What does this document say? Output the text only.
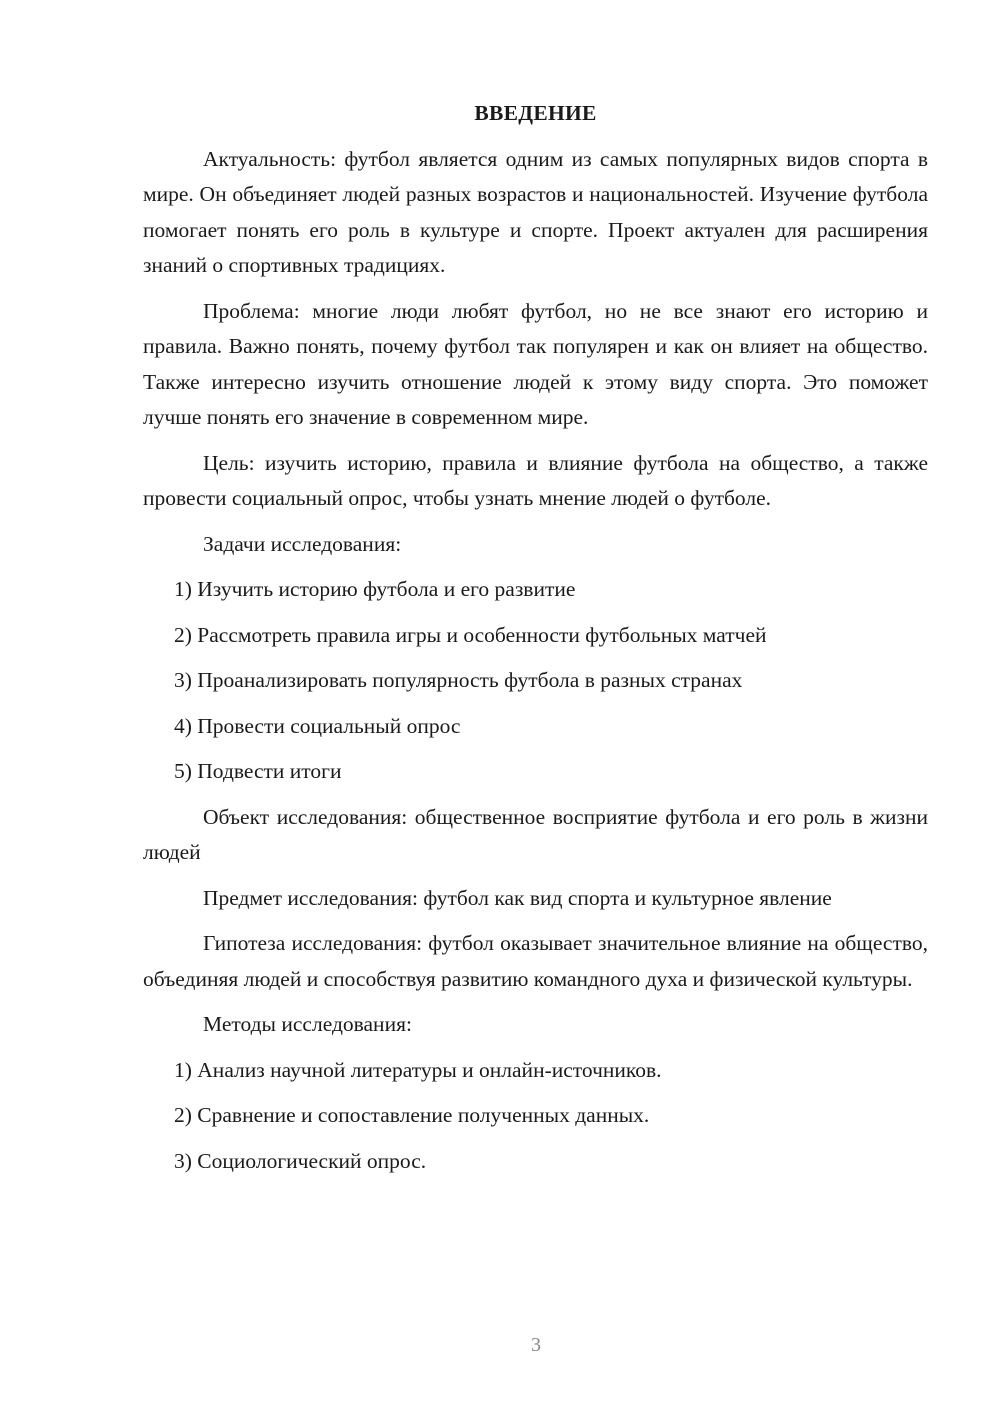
ВВЕДЕНИЕ

Актуальность: футбол является одним из самых популярных видов спорта в мире. Он объединяет людей разных возрастов и национальностей. Изучение футбола помогает понять его роль в культуре и спорте. Проект актуален для расширения знаний о спортивных традициях.

Проблема: многие люди любят футбол, но не все знают его историю и правила. Важно понять, почему футбол так популярен и как он влияет на общество. Также интересно изучить отношение людей к этому виду спорта. Это поможет лучше понять его значение в современном мире.

Цель: изучить историю, правила и влияние футбола на общество, а также провести социальный опрос, чтобы узнать мнение людей о футболе.

Задачи исследования:

1) Изучить историю футбола и его развитие
2) Рассмотреть правила игры и особенности футбольных матчей
3) Проанализировать популярность футбола в разных странах
4) Провести социальный опрос
5) Подвести итоги

Объект исследования: общественное восприятие футбола и его роль в жизни людей

Предмет исследования: футбол как вид спорта и культурное явление

Гипотеза исследования: футбол оказывает значительное влияние на общество, объединяя людей и способствуя развитию командного духа и физической культуры.

Методы исследования:

1) Анализ научной литературы и онлайн-источников.
2) Сравнение и сопоставление полученных данных.
3) Социологический опрос.
3
